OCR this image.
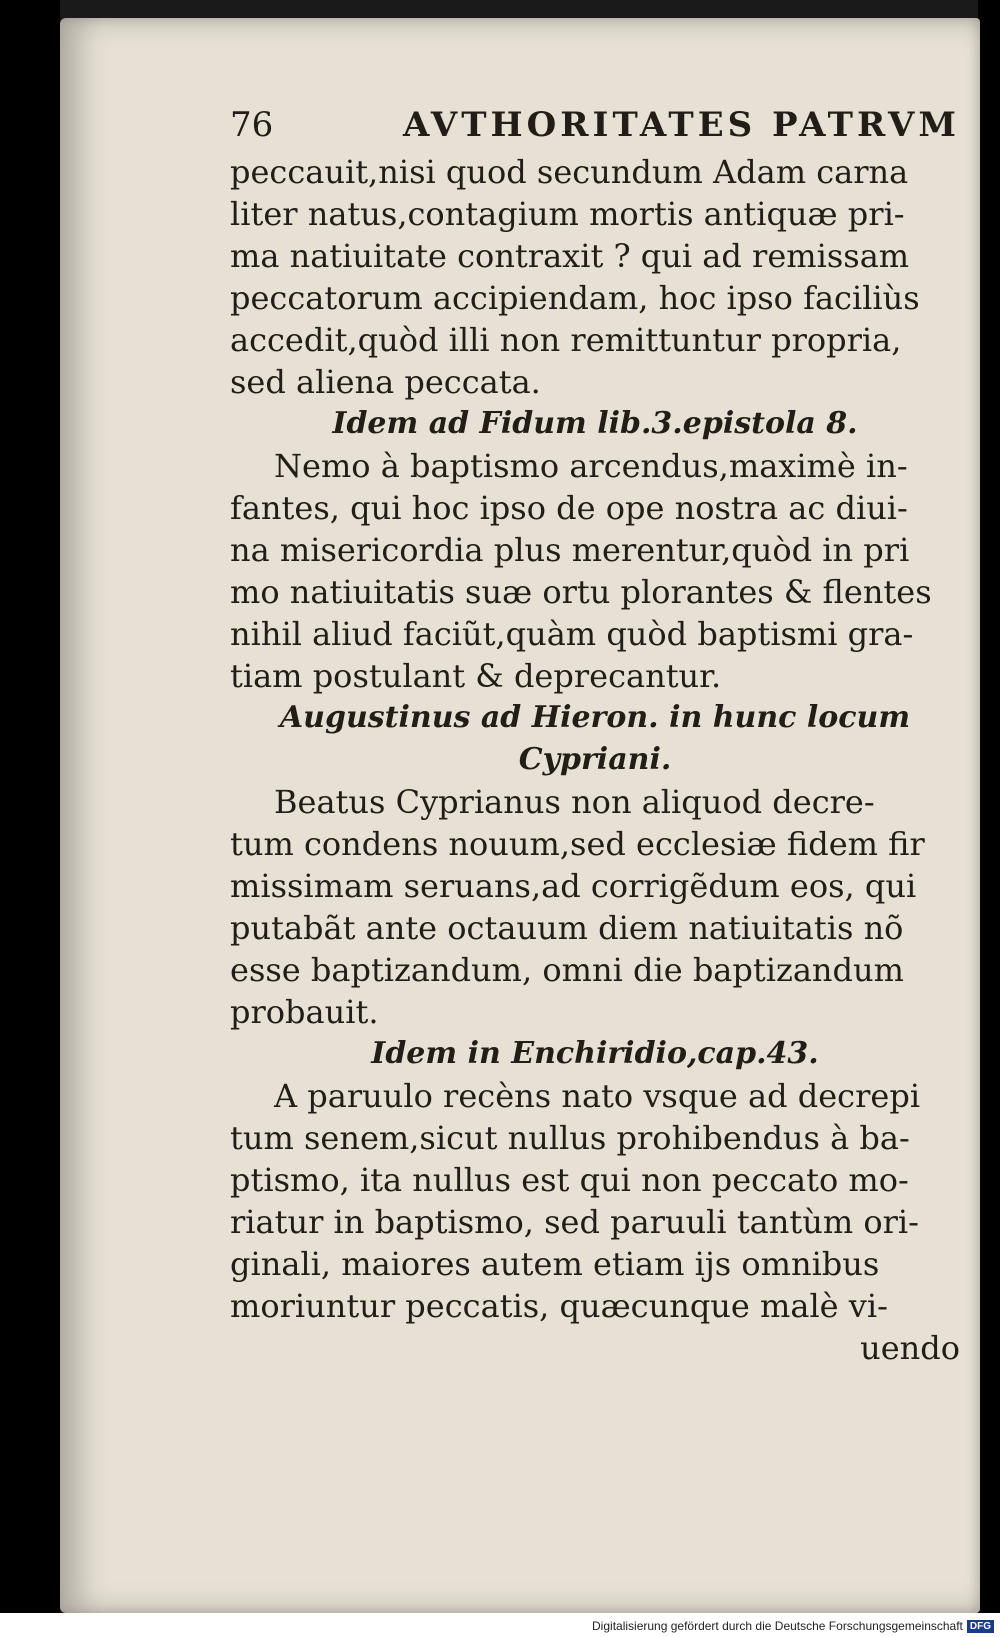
76	AVTHORITATES PATRVM
peccauit,nisi quod secundum Adam carna
liter natus,contagium mortis antiquæ pri-
ma natiuitate contraxit ? qui ad remissam
peccatorum accipiendam, hoc ipso faciliùs
accedit,quòd illi non remittuntur propria,
sed aliena peccata.
Idem ad Fidum lib.3.epistola 8.
Nemo à baptismo arcendus,maximè in-
fantes, qui hoc ipso de ope nostra ac diui-
na misericordia plus merentur,quòd in pri
mo natiuitatis suæ ortu plorantes & flentes
nihil aliud faciũt,quàm quòd baptismi gra-
tiam postulant & deprecantur.
Augustinus ad Hieron. in hunc locum
Cypriani.
Beatus Cyprianus non aliquod decre-
tum condens nouum,sed ecclesiæ fidem fir
missimam seruans,ad corrigẽdum eos, qui
putabãt ante octauum diem natiuitatis nõ
esse baptizandum, omni die baptizandum
probauit.
Idem in Enchiridio,cap.43.
A paruulo recèns nato vsque ad decrepi
tum senem,sicut nullus prohibendus à ba-
ptismo, ita nullus est qui non peccato mo-
riatur in baptismo, sed paruuli tantùm ori-
ginali, maiores autem etiam ijs omnibus
moriuntur peccatis, quæcunque malè vi-
uendo
Digitalisierung gefördert durch die Deutsche Forschungsgemeinschaft DFG
